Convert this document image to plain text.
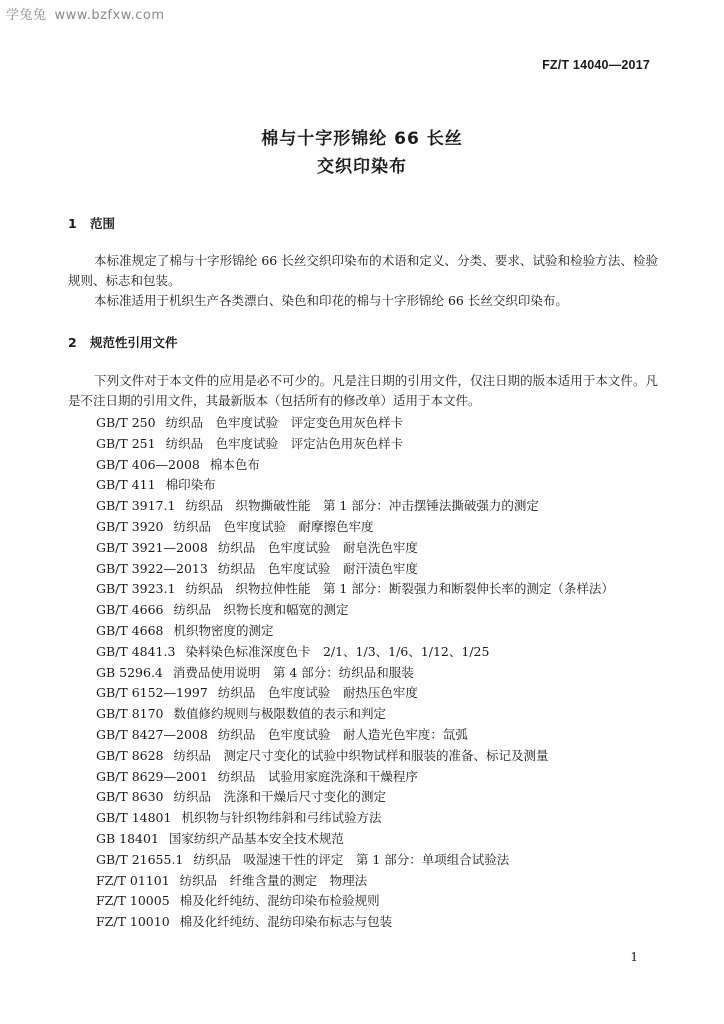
学兔兔 www.bzfxw.com
FZ/T 14040—2017
棉与十字形锦纶 66 长丝
交织印染布
1 范围

本标准规定了棉与十字形锦纶 66 长丝交织印染布的术语和定义、分类、要求、试验和检验方法、检验规则、标志和包装。

本标准适用于机织生产各类漂白、染色和印花的棉与十字形锦纶 66 长丝交织印染布。

2 规范性引用文件

下列文件对于本文件的应用是必不可少的。凡是注日期的引用文件，仅注日期的版本适用于本文件。凡是不注日期的引用文件，其最新版本（包括所有的修改单）适用于本文件。

GB/T 250 纺织品　色牢度试验　评定变色用灰色样卡
GB/T 251 纺织品　色牢度试验　评定沾色用灰色样卡
GB/T 406—2008 棉本色布
GB/T 411 棉印染布
GB/T 3917.1 纺织品　织物撕破性能　第 1 部分：冲击摆锤法撕破强力的测定
GB/T 3920 纺织品　色牢度试验　耐摩擦色牢度
GB/T 3921—2008 纺织品　色牢度试验　耐皂洗色牢度
GB/T 3922—2013 纺织品　色牢度试验　耐汗渍色牢度
GB/T 3923.1 纺织品　织物拉伸性能　第 1 部分：断裂强力和断裂伸长率的测定（条样法）
GB/T 4666 纺织品　织物长度和幅宽的测定
GB/T 4668 机织物密度的测定
GB/T 4841.3 染料染色标准深度色卡　2/1、1/3、1/6、1/12、1/25
GB 5296.4 消费品使用说明　第 4 部分：纺织品和服装
GB/T 6152—1997 纺织品　色牢度试验　耐热压色牢度
GB/T 8170 数值修约规则与极限数值的表示和判定
GB/T 8427—2008 纺织品　色牢度试验　耐人造光色牢度：氙弧
GB/T 8628 纺织品　测定尺寸变化的试验中织物试样和服装的准备、标记及测量
GB/T 8629—2001 纺织品　试验用家庭洗涤和干燥程序
GB/T 8630 纺织品　洗涤和干燥后尺寸变化的测定
GB/T 14801 机织物与针织物纬斜和弓纬试验方法
GB 18401 国家纺织产品基本安全技术规范
GB/T 21655.1 纺织品　吸湿速干性的评定　第 1 部分：单项组合试验法
FZ/T 01101 纺织品　纤维含量的测定　物理法
FZ/T 10005 棉及化纤纯纺、混纺印染布检验规则
FZ/T 10010 棉及化纤纯纺、混纺印染布标志与包装
1
